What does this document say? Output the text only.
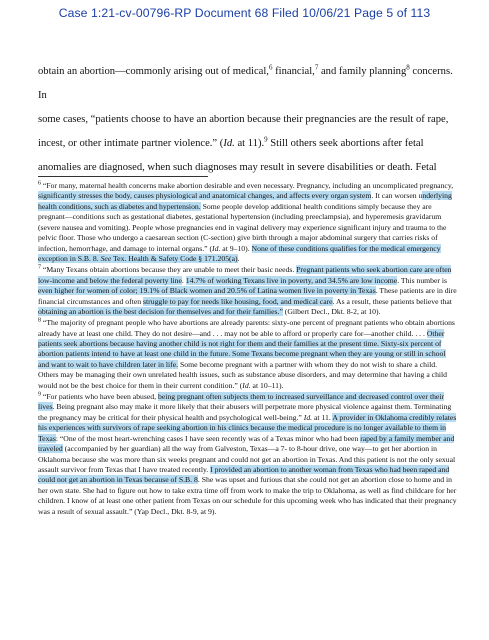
Case 1:21-cv-00796-RP Document 68 Filed 10/06/21 Page 5 of 113

obtain an abortion—commonly arising out of medical,$^6$ financial,$^7$ and family planning$^8$ concerns. In

some cases, “patients choose to have an abortion because their pregnancies are the result of rape,

incest, or other intimate partner violence.” (Id. at 11).$^9$ Still others seek abortions after fetal

anomalies are diagnosed, when such diagnoses may result in severe disabilities or death. Fetal

$^6$ “For many, maternal health concerns make abortion desirable and even necessary. Pregnancy, including an uncomplicated pregnancy, significantly stresses the body, causes physiological and anatomical changes, and affects every organ system. It can worsen underlying health conditions, such as diabetes and hypertension. Some people develop additional health conditions simply because they are pregnant—conditions such as gestational diabetes, gestational hypertension (including preeclampsia), and hyperemesis gravidarum (severe nausea and vomiting). People whose pregnancies end in vaginal delivery may experience significant injury and trauma to the pelvic floor. Those who undergo a caesarean section (C-section) give birth through a major abdominal surgery that carries risks of infection, hemorrhage, and damage to internal organs.” (Id. at 9–10). None of these conditions qualifies for the medical emergency exception in S.B. 8. See Tex. Health & Safety Code § 171.205(a).

$^7$ “Many Texans obtain abortions because they are unable to meet their basic needs. Pregnant patients who seek abortion care are often low-income and below the federal poverty line. 14.7% of working Texans live in poverty, and 34.5% are low income. This number is even higher for women of color; 19.1% of Black women and 20.5% of Latina women live in poverty in Texas. These patients are in dire financial circumstances and often struggle to pay for needs like housing, food, and medical care. As a result, these patients believe that obtaining an abortion is the best decision for themselves and for their families.” (Gilbert Decl., Dkt. 8-2, at 10).

$^8$ “The majority of pregnant people who have abortions are already parents: sixty-one percent of pregnant patients who obtain abortions already have at least one child. They do not desire—and . . . may not be able to afford or properly care for—another child. . . . Other patients seek abortions because having another child is not right for them and their families at the present time. Sixty-six percent of abortion patients intend to have at least one child in the future. Some Texans become pregnant when they are young or still in school and want to wait to have children later in life. Some become pregnant with a partner with whom they do not wish to share a child. Others may be managing their own unrelated health issues, such as substance abuse disorders, and may determine that having a child would not be the best choice for them in their current condition.” (Id. at 10–11).

$^9$ “For patients who have been abused, being pregnant often subjects them to increased surveillance and decreased control over their lives. Being pregnant also may make it more likely that their abusers will perpetrate more physical violence against them. Terminating the pregnancy may be critical for their physical health and psychological well-being.” Id. at 11. A provider in Oklahoma credibly relates his experiences with survivors of rape seeking abortion in his clinics because the medical procedure is no longer available to them in Texas: “One of the most heart-wrenching cases I have seen recently was of a Texas minor who had been raped by a family member and traveled (accompanied by her guardian) all the way from Galveston, Texas—a 7- to 8-hour drive, one way—to get her abortion in Oklahoma because she was more than six weeks pregnant and could not get an abortion in Texas. And this patient is not the only sexual assault survivor from Texas that I have treated recently. I provided an abortion to another woman from Texas who had been raped and could not get an abortion in Texas because of S.B. 8. She was upset and furious that she could not get an abortion close to home and in her own state. She had to figure out how to take extra time off from work to make the trip to Oklahoma, as well as find childcare for her children. I know of at least one other patient from Texas on our schedule for this upcoming week who has indicated that their pregnancy was a result of sexual assault.” (Yap Decl., Dkt. 8-9, at 9).
